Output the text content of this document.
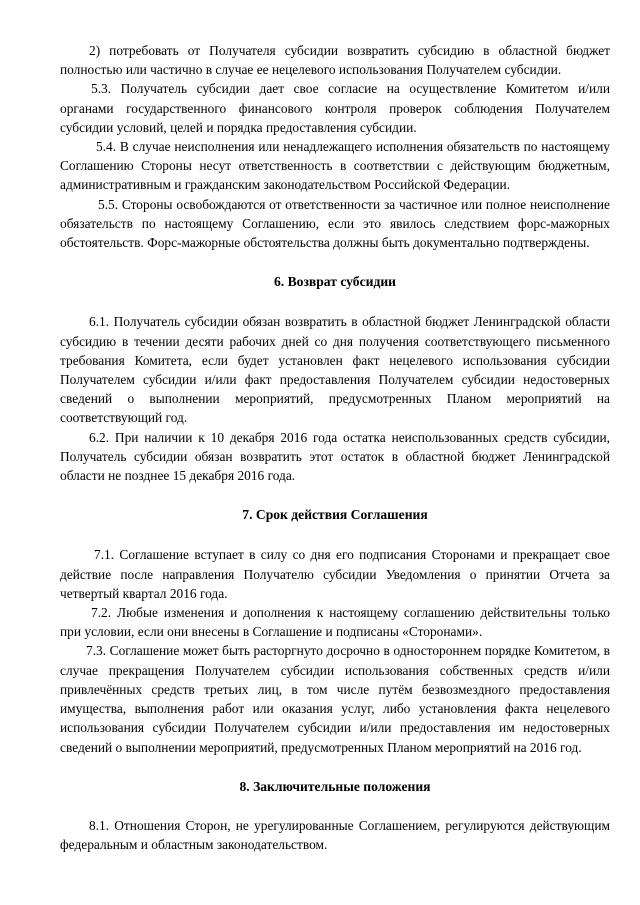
2) потребовать от Получателя субсидии возвратить субсидию в областной бюджет полностью или частично в случае ее нецелевого использования Получателем субсидии.

5.3. Получатель субсидии дает свое согласие на осуществление Комитетом и/или органами государственного финансового контроля проверок соблюдения Получателем субсидии условий, целей и порядка предоставления субсидии.

5.4. В случае неисполнения или ненадлежащего исполнения обязательств по настоящему Соглашению Стороны несут ответственность в соответствии с действующим бюджетным, административным и гражданским законодательством Российской Федерации.

5.5. Стороны освобождаются от ответственности за частичное или полное неисполнение обязательств по настоящему Соглашению, если это явилось следствием форс-мажорных обстоятельств. Форс-мажорные обстоятельства должны быть документально подтверждены.

6. Возврат субсидии

6.1. Получатель субсидии обязан возвратить в областной бюджет Ленинградской области субсидию в течении десяти рабочих дней со дня получения соответствующего письменного требования Комитета, если будет установлен факт нецелевого использования субсидии Получателем субсидии и/или факт предоставления Получателем субсидии недостоверных сведений о выполнении мероприятий, предусмотренных Планом мероприятий на соответствующий год.

6.2. При наличии к 10 декабря 2016 года остатка неиспользованных средств субсидии, Получатель субсидии обязан возвратить этот остаток в областной бюджет Ленинградской области не позднее 15 декабря 2016 года.

7. Срок действия Соглашения

7.1. Соглашение вступает в силу со дня его подписания Сторонами и прекращает свое действие после направления Получателю субсидии Уведомления о принятии Отчета за четвертый квартал 2016 года.

7.2. Любые изменения и дополнения к настоящему соглашению действительны только при условии, если они внесены в Соглашение и подписаны «Сторонами».

7.3. Соглашение может быть расторгнуто досрочно в одностороннем порядке Комитетом, в случае прекращения Получателем субсидии использования собственных средств и/или привлечённых средств третьих лиц, в том числе путём безвозмездного предоставления имущества, выполнения работ или оказания услуг, либо установления факта нецелевого использования субсидии Получателем субсидии и/или предоставления им недостоверных сведений о выполнении мероприятий, предусмотренных Планом мероприятий на 2016 год.

8. Заключительные положения

8.1. Отношения Сторон, не урегулированные Соглашением, регулируются действующим федеральным и областным законодательством.
